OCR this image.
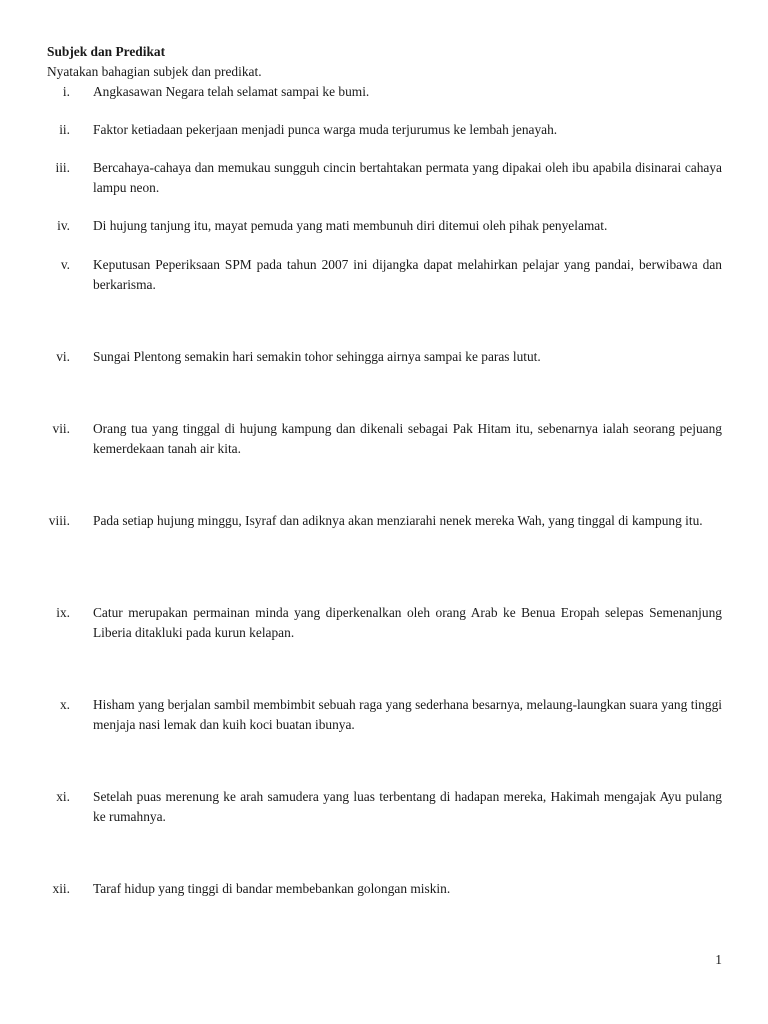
Subjek dan Predikat

Nyatakan bahagian subjek dan predikat.

i. Angkasawan Negara telah selamat sampai ke bumi.
ii. Faktor ketiadaan pekerjaan menjadi punca warga muda terjurumus ke lembah jenayah.
iii. Bercahaya-cahaya dan memukau sungguh cincin bertahtakan permata yang dipakai oleh ibu apabila disinarai cahaya lampu neon.
iv. Di hujung tanjung itu, mayat pemuda yang mati membunuh diri ditemui oleh pihak penyelamat.
v. Keputusan Peperiksaan SPM pada tahun 2007 ini dijangka dapat melahirkan pelajar yang pandai, berwibawa dan berkarisma.
vi. Sungai Plentong semakin hari semakin tohor sehingga airnya sampai ke paras lutut.
vii. Orang tua yang tinggal di hujung kampung dan dikenali sebagai Pak Hitam itu, sebenarnya ialah seorang pejuang kemerdekaan tanah air kita.
viii. Pada setiap hujung minggu, Isyraf dan adiknya akan menziarahi nenek mereka Wah, yang tinggal di kampung itu.
ix. Catur merupakan permainan minda yang diperkenalkan oleh orang Arab ke Benua Eropah selepas Semenanjung Liberia ditakluki pada kurun kelapan.
x. Hisham yang berjalan sambil membimbit sebuah raga yang sederhana besarnya, melaung-laungkan suara yang tinggi menjaja nasi lemak dan kuih koci buatan ibunya.
xi. Setelah puas merenung ke arah samudera yang luas terbentang di hadapan mereka, Hakimah mengajak Ayu pulang ke rumahnya.
xii. Taraf hidup yang tinggi di bandar membebankan golongan miskin.
1
